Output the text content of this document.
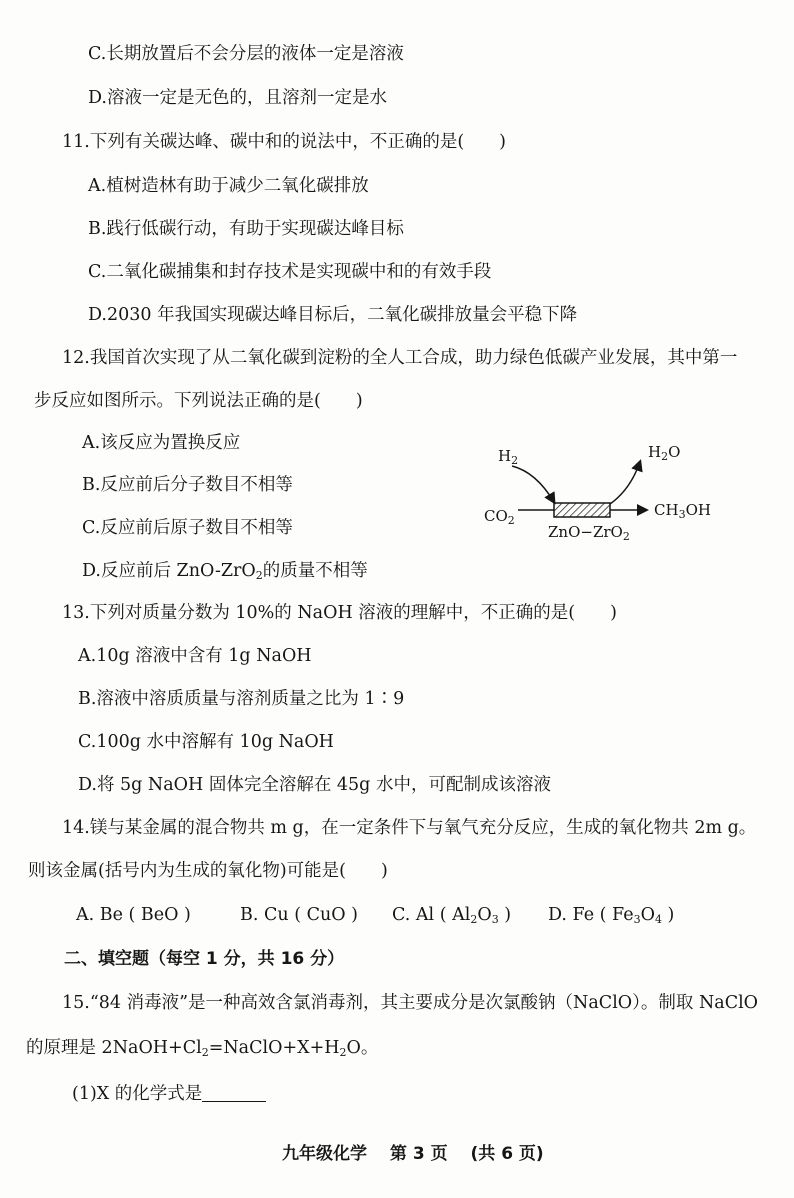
C.长期放置后不会分层的液体一定是溶液
D.溶液一定是无色的，且溶剂一定是水
11.下列有关碳达峰、碳中和的说法中，不正确的是(　　)
A.植树造林有助于减少二氧化碳排放
B.践行低碳行动，有助于实现碳达峰目标
C.二氧化碳捕集和封存技术是实现碳中和的有效手段
D.2030 年我国实现碳达峰目标后，二氧化碳排放量会平稳下降
12.我国首次实现了从二氧化碳到淀粉的全人工合成，助力绿色低碳产业发展，其中第一
步反应如图所示。下列说法正确的是(　　)
A.该反应为置换反应
B.反应前后分子数目不相等
C.反应前后原子数目不相等
D.反应前后 ZnO-ZrO$_2$的质量不相等
$H_2$	$H_2O$
$CO_2$
$CH_3OH$
ZnO−ZrO$_2$
13.下列对质量分数为 10%的 NaOH 溶液的理解中，不正确的是(　　)
A.10g 溶液中含有 1g NaOH
B.溶液中溶质质量与溶剂质量之比为 1∶9
C.100g 水中溶解有 10g NaOH
D.将 5g NaOH 固体完全溶解在 45g 水中，可配制成该溶液
14.镁与某金属的混合物共 m g，在一定条件下与氧气充分反应，生成的氧化物共 2m g。
则该金属(括号内为生成的氧化物)可能是(　　)
A. Be ( BeO )	B. Cu ( CuO ) C. Al ( $Al_2O_3$ ) D. Fe ( $Fe_3O_4$ )
二、填空题（每空 1 分，共 16 分）
15.“84 消毒液”是一种高效含氯消毒剂，其主要成分是次氯酸钠（NaClO）。制取 NaClO
的原理是 $2NaOH+Cl_2=NaClO+X+H_2O$。
(1)X 的化学式是
九年级化学　 第 3 页 　(共 6 页)
